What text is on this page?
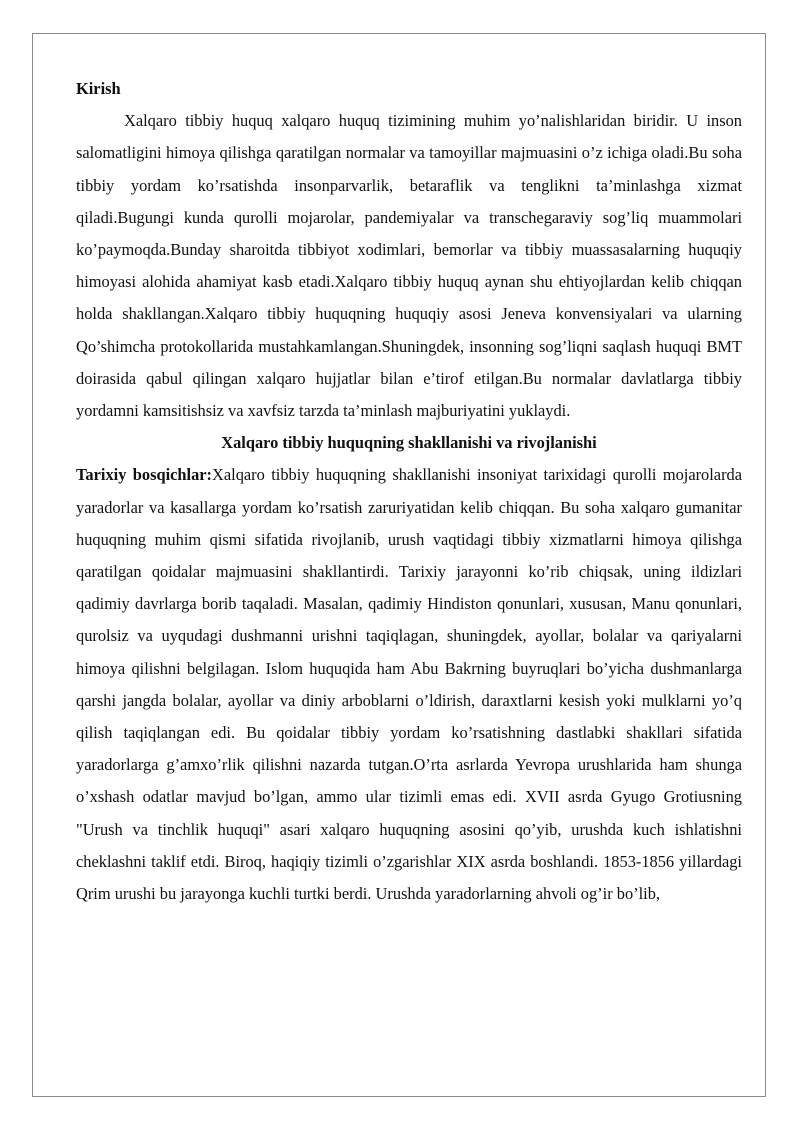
Kirish

Xalqaro tibbiy huquq xalqaro huquq tizimining muhim yo’nalishlaridan biridir. U inson salomatligini himoya qilishga qaratilgan normalar va tamoyillar majmuasini o’z ichiga oladi.Bu soha tibbiy yordam ko’rsatishda insonparvarlik, betaraflik va tenglikni ta’minlashga xizmat qiladi.Bugungi kunda qurolli mojarolar, pandemiyalar va transchegaraviy sog’liq muammolari ko’paymoqda.Bunday sharoitda tibbiyot xodimlari, bemorlar va tibbiy muassasalarning huquqiy himoyasi alohida ahamiyat kasb etadi.Xalqaro tibbiy huquq aynan shu ehtiyojlardan kelib chiqqan holda shakllangan.Xalqaro tibbiy huquqning huquqiy asosi Jeneva konvensiyalari va ularning Qo’shimcha protokollarida mustahkamlangan.Shuningdek, insonning sog’liqni saqlash huquqi BMT doirasida qabul qilingan xalqaro hujjatlar bilan e’tirof etilgan.Bu normalar davlatlarga tibbiy yordamni kamsitishsiz va xavfsiz tarzda ta’minlash majburiyatini yuklaydi.

Xalqaro tibbiy huquqning shakllanishi va rivojlanishi

Tarixiy bosqichlar:Xalqaro tibbiy huquqning shakllanishi insoniyat tarixidagi qurolli mojarolarda yaradorlar va kasallarga yordam ko’rsatish zaruriyatidan kelib chiqqan. Bu soha xalqaro gumanitar huquqning muhim qismi sifatida rivojlanib, urush vaqtidagi tibbiy xizmatlarni himoya qilishga qaratilgan qoidalar majmuasini shakllantirdi. Tarixiy jarayonni ko’rib chiqsak, uning ildizlari qadimiy davrlarga borib taqaladi. Masalan, qadimiy Hindiston qonunlari, xususan, Manu qonunlari, qurolsiz va uyqudagi dushmanni urishni taqiqlagan, shuningdek, ayollar, bolalar va qariyalarni himoya qilishni belgilagan. Islom huquqida ham Abu Bakrning buyruqlari bo’yicha dushmanlarga qarshi jangda bolalar, ayollar va diniy arboblarni o’ldirish, daraxtlarni kesish yoki mulklarni yo’q qilish taqiqlangan edi. Bu qoidalar tibbiy yordam ko’rsatishning dastlabki shakllari sifatida yaradorlarga g’amxo’rlik qilishni nazarda tutgan.O’rta asrlarda Yevropa urushlarida ham shunga o’xshash odatlar mavjud bo’lgan, ammo ular tizimli emas edi. XVII asrda Gyugo Grotiusning "Urush va tinchlik huquqi" asari xalqaro huquqning asosini qo’yib, urushda kuch ishlatishni cheklashni taklif etdi. Biroq, haqiqiy tizimli o’zgarishlar XIX asrda boshlandi. 1853-1856 yillardagi Qrim urushi bu jarayonga kuchli turtki berdi. Urushda yaradorlarning ahvoli og’ir bo’lib,
